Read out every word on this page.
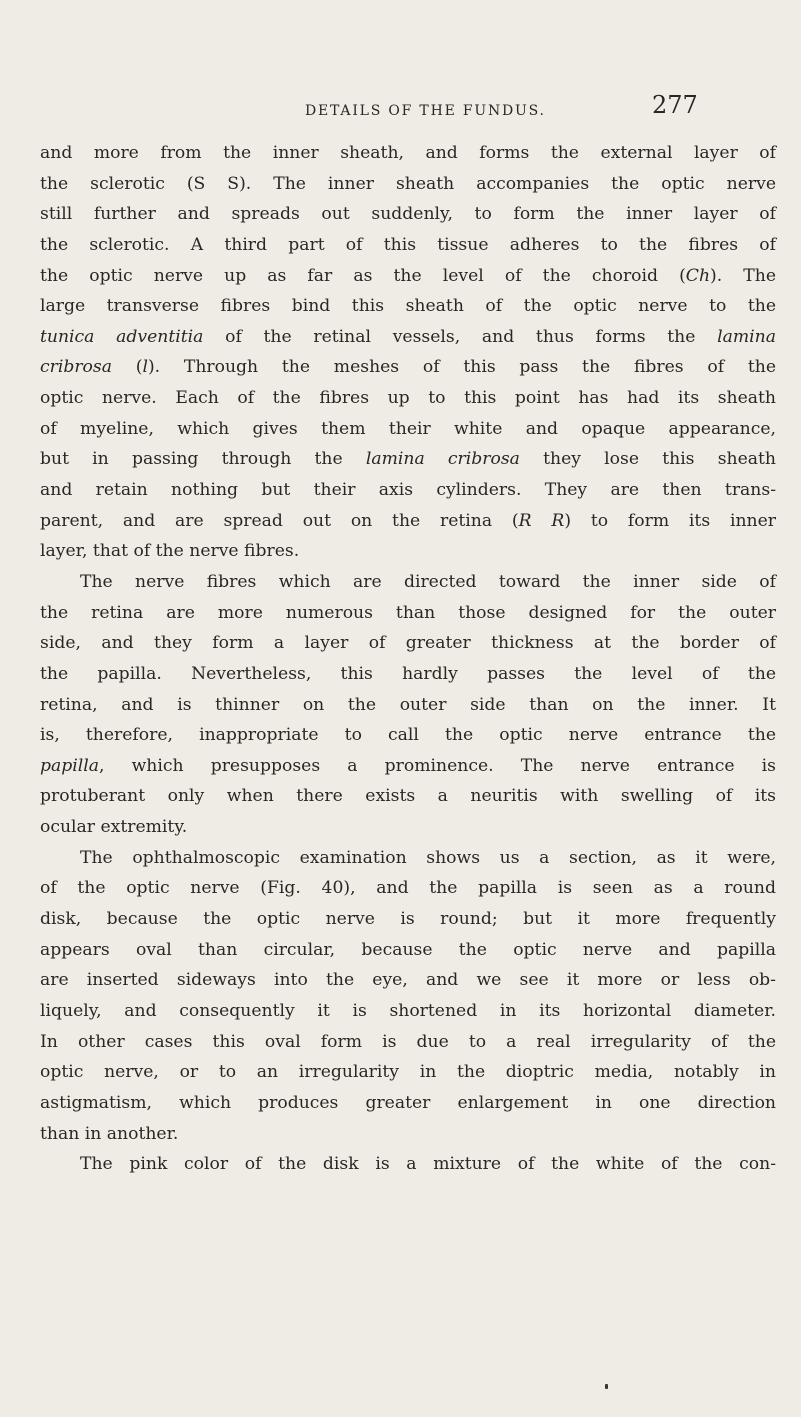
DETAILS OF THE FUNDUS.	277
and more from the inner sheath, and forms the external layer of
the sclerotic (S S). The inner sheath accompanies the optic nerve
still further and spreads out suddenly, to form the inner layer of
the sclerotic. A third part of this tissue adheres to the fibres of
the optic nerve up as far as the level of the choroid (Ch). The
large transverse fibres bind this sheath of the optic nerve to the
tunica adventitia of the retinal vessels, and thus forms the lamina
cribrosa (l). Through the meshes of this pass the fibres of the
optic nerve. Each of the fibres up to this point has had its sheath
of myeline, which gives them their white and opaque appearance,
but in passing through the lamina cribrosa they lose this sheath
and retain nothing but their axis cylinders. They are then trans-
parent, and are spread out on the retina (R R) to form its inner
layer, that of the nerve fibres.
The nerve fibres which are directed toward the inner side of
the retina are more numerous than those designed for the outer
side, and they form a layer of greater thickness at the border of
the papilla. Nevertheless, this hardly passes the level of the
retina, and is thinner on the outer side than on the inner. It
is, therefore, inappropriate to call the optic nerve entrance the
papilla, which presupposes a prominence. The nerve entrance is
protuberant only when there exists a neuritis with swelling of its
ocular extremity.
The ophthalmoscopic examination shows us a section, as it were,
of the optic nerve (Fig. 40), and the papilla is seen as a round
disk, because the optic nerve is round; but it more frequently
appears oval than circular, because the optic nerve and papilla
are inserted sideways into the eye, and we see it more or less ob-
liquely, and consequently it is shortened in its horizontal diameter.
In other cases this oval form is due to a real irregularity of the
optic nerve, or to an irregularity in the dioptric media, notably in
astigmatism, which produces greater enlargement in one direction
than in another.
The pink color of the disk is a mixture of the white of the con-
